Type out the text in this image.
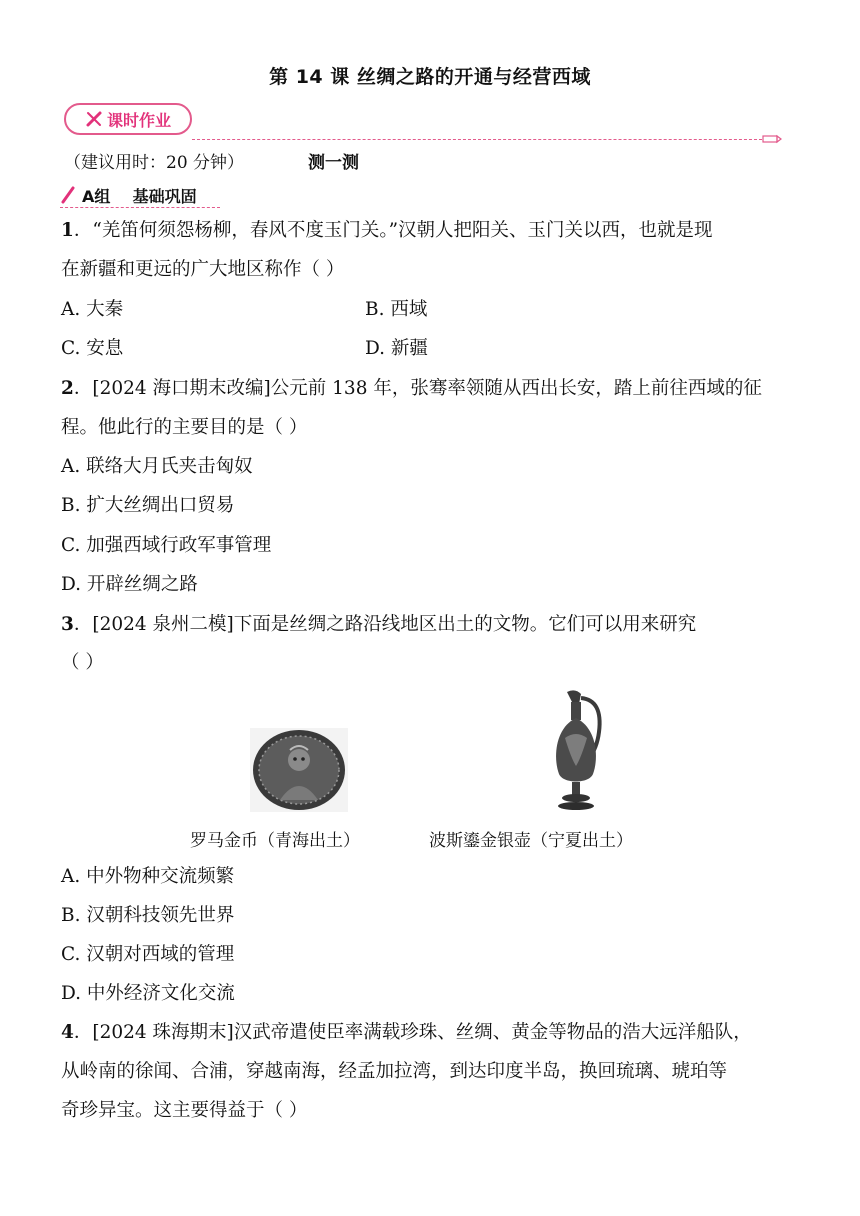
第 14 课 丝绸之路的开通与经营西域
课时作业
（建议用时：20 分钟）	测一测
A组    基础巩固
1．“羌笛何须怨杨柳，春风不度玉门关。”汉朝人把阳关、玉门关以西，也就是现
在新疆和更远的广大地区称作（ ）
A. 大秦	B. 西域
C. 安息	D. 新疆
2．[2024 海口期末改编]公元前 138 年，张骞率领随从西出长安，踏上前往西域的征
程。他此行的主要目的是（ ）
A. 联络大月氏夹击匈奴
B. 扩大丝绸出口贸易
C. 加强西域行政军事管理
D. 开辟丝绸之路
3．[2024 泉州二模]下面是丝绸之路沿线地区出土的文物。它们可以用来研究
（ ）
罗马金币（青海出土）	波斯鎏金银壶（宁夏出土）
A. 中外物种交流频繁
B. 汉朝科技领先世界
C. 汉朝对西域的管理
D. 中外经济文化交流
4．[2024 珠海期末]汉武帝遣使臣率满载珍珠、丝绸、黄金等物品的浩大远洋船队，
从岭南的徐闻、合浦，穿越南海，经孟加拉湾，到达印度半岛，换回琉璃、琥珀等
奇珍异宝。这主要得益于（ ）
